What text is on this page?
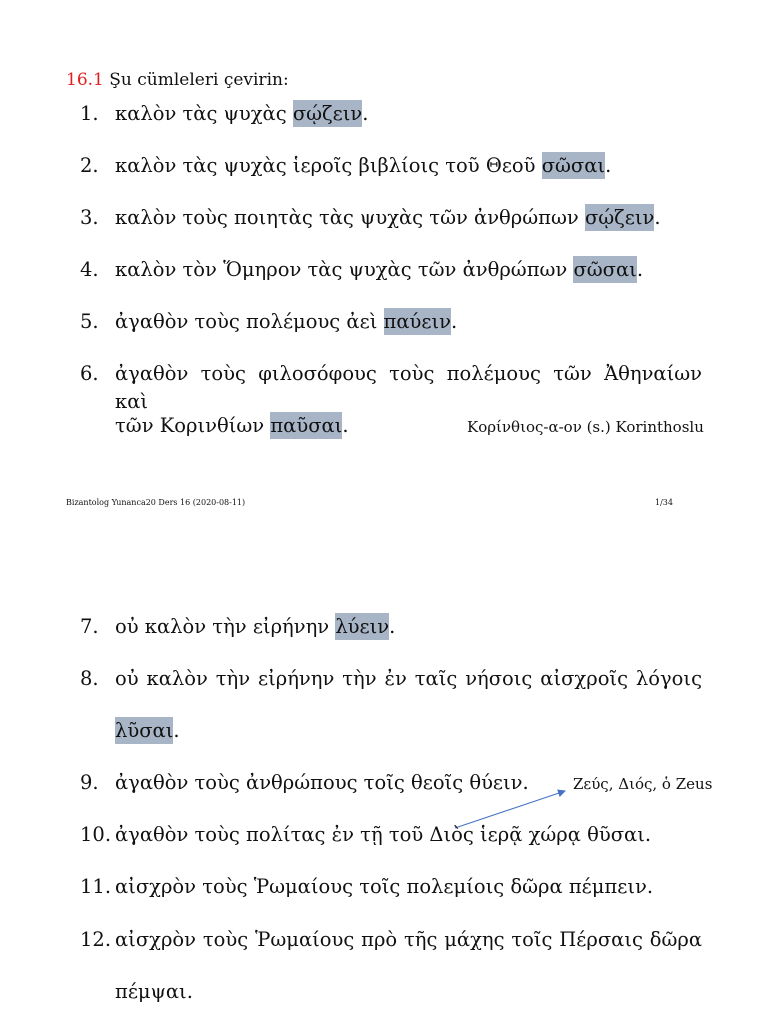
16.1 Şu cümleleri çevirin:
1. καλὸν τὰς ψυχὰς σῴζειν.
2. καλὸν τὰς ψυχὰς ἱεροῖς βιβλίοις τοῦ Θεοῦ σῶσαι.
3. καλὸν τοὺς ποιητὰς τὰς ψυχὰς τῶν ἀνθρώπων σῴζειν.
4. καλὸν τὸν Ὅμηρον τὰς ψυχὰς τῶν ἀνθρώπων σῶσαι.
5. ἀγαθὸν τοὺς πολέμους ἀεὶ παύειν.
6. ἀγαθὸν τοὺς φιλοσόφους τοὺς πολέμους τῶν Ἀθηναίων καὶ
τῶν Κορινθίων παῦσαι.	Κορίνθιος-α-ον (s.) Korinthoslu
Bizantolog Yunanca20 Ders 16 (2020-08-11)	1/34
7. οὐ καλὸν τὴν εἰρήνην λύειν.
8. οὐ καλὸν τὴν εἰρήνην τὴν ἐν ταῖς νήσοις αἰσχροῖς λόγοις
λῦσαι.
9. ἀγαθὸν τοὺς ἀνθρώπους τοῖς θεοῖς θύειν.	Ζεύς, Διός, ὁ Zeus
10. ἀγαθὸν τοὺς πολίτας ἐν τῇ τοῦ Διὸς ἱερᾷ χώρᾳ θῦσαι.
11. αἰσχρὸν τοὺς Ῥωμαίους τοῖς πολεμίοις δῶρα πέμπειν.
12. αἰσχρὸν τοὺς Ῥωμαίους πρὸ τῆς μάχης τοῖς Πέρσαις δῶρα
πέμψαι.
